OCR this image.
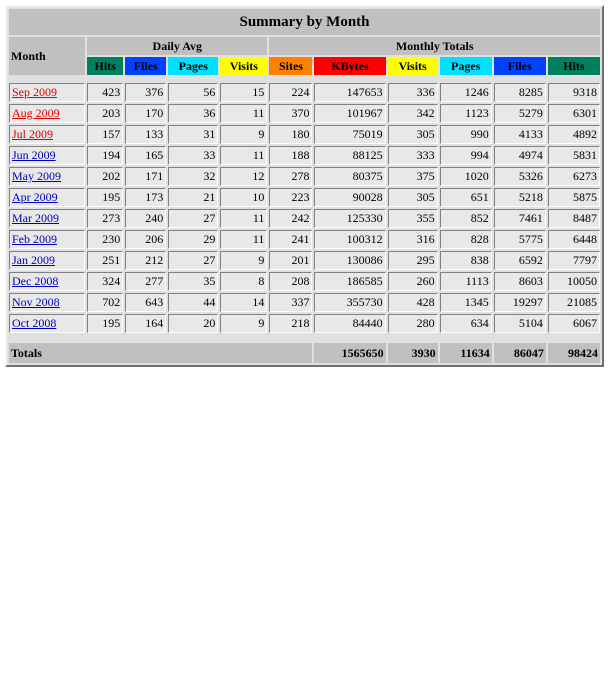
Summary by Month										
Month	Daily Avg				Monthly Totals					
	Hits	Files	Pages	Visits	Sites	KBytes	Visits	Pages	Files	Hits

Sep 2009	423	376	56	15	224	147653	336	1246	8285	9318
Aug 2009	203	170	36	11	370	101967	342	1123	5279	6301
Jul 2009	157	133	31	9	180	75019	305	990	4133	4892
Jun 2009	194	165	33	11	188	88125	333	994	4974	5831
May 2009	202	171	32	12	278	80375	375	1020	5326	6273
Apr 2009	195	173	21	10	223	90028	305	651	5218	5875
Mar 2009	273	240	27	11	242	125330	355	852	7461	8487
Feb 2009	230	206	29	11	241	100312	316	828	5775	6448
Jan 2009	251	212	27	9	201	130086	295	838	6592	7797
Dec 2008	324	277	35	8	208	186585	260	1113	8603	10050
Nov 2008	702	643	44	14	337	355730	428	1345	19297	21085
Oct 2008	195	164	20	9	218	84440	280	634	5104	6067

Totals						1565650	3930	11634	86047	98424
